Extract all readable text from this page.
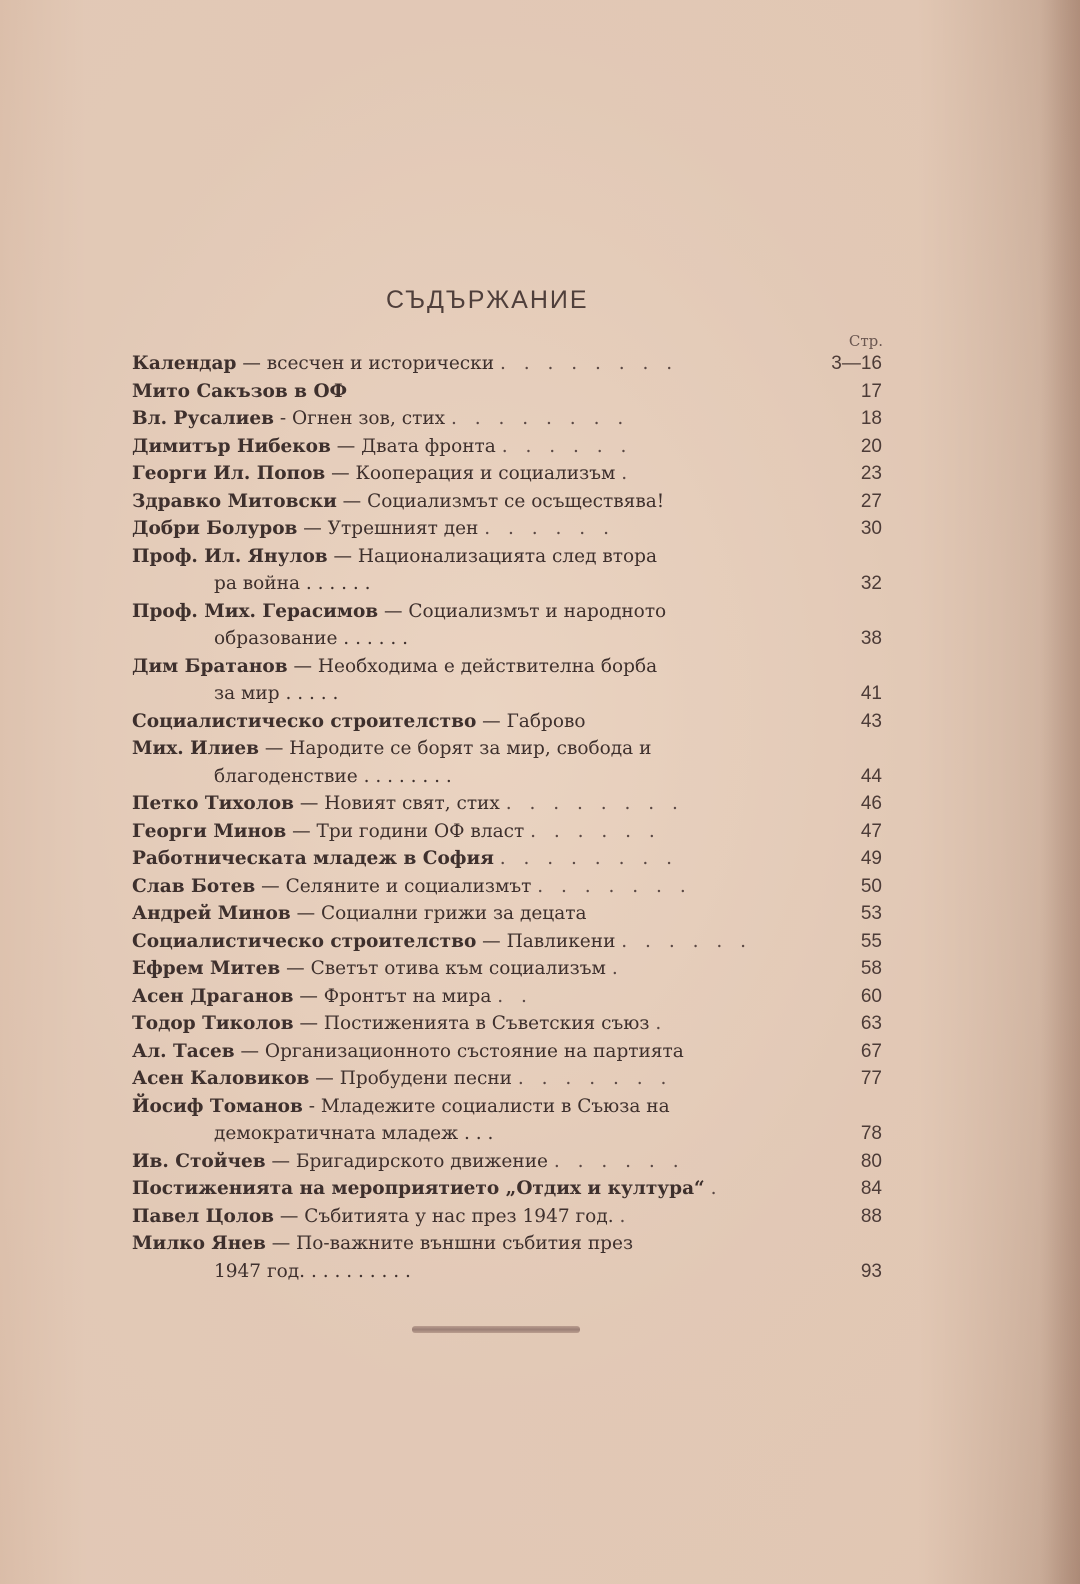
СЪДЪРЖАНИЕ
Стр.
Календар — всесчен и исторически . . . . . . . .	3—16
Мито Сакъзов в ОФ	17
Вл. Русалиев - Огнен зов, стих . . . . . . . .	18
Димитър Нибеков — Двата фронта . . . . . .	20
Георги Ил. Попов — Кооперация и социализъм .	23
Здравко Митовски — Социализмът се осъществява!	27
Добри Болуров — Утрешният ден . . . . . .	30
Проф. Ил. Янулов — Национализацията след втора
ра война . . . . . .	32
Проф. Мих. Герасимов — Социализмът и народното
образование . . . . . .	38
Дим Братанов — Необходима е действителна борба
за мир . . . . .	41
Социалистическо строителство — Габрово	43
Мих. Илиев — Народите се борят за мир, свобода и
благоденствие . . . . . . . .	44
Петко Тихолов — Новият свят, стих . . . . . . . .	46
Георги Минов — Три години ОФ власт . . . . . .	47
Работническата младеж в София . . . . . . . .	49
Слав Ботев — Селяните и социализмът . . . . . . .	50
Андрей Минов — Социални грижи за децата	53
Социалистическо строителство — Павликени . . . . . .	55
Ефрем Митев — Светът отива към социализъм .	58
Асен Драганов — Фронтът на мира . .	60
Тодор Тиколов — Постиженията в Съветския съюз .	63
Ал. Тасев — Организационното състояние на партията	67
Асен Каловиков — Пробудени песни . . . . . . .	77
Йосиф Томанов - Младежите социалисти в Съюза на
демократичната младеж . . .	78
Ив. Стойчев — Бригадирското движение . . . . . .	80
Постиженията на мероприятието „Отдих и култура“ .	84
Павел Цолов — Събитията у нас през 1947 год. .	88
Милко Янев — По-важните външни събития през
1947 год. . . . . . . . . .	93
